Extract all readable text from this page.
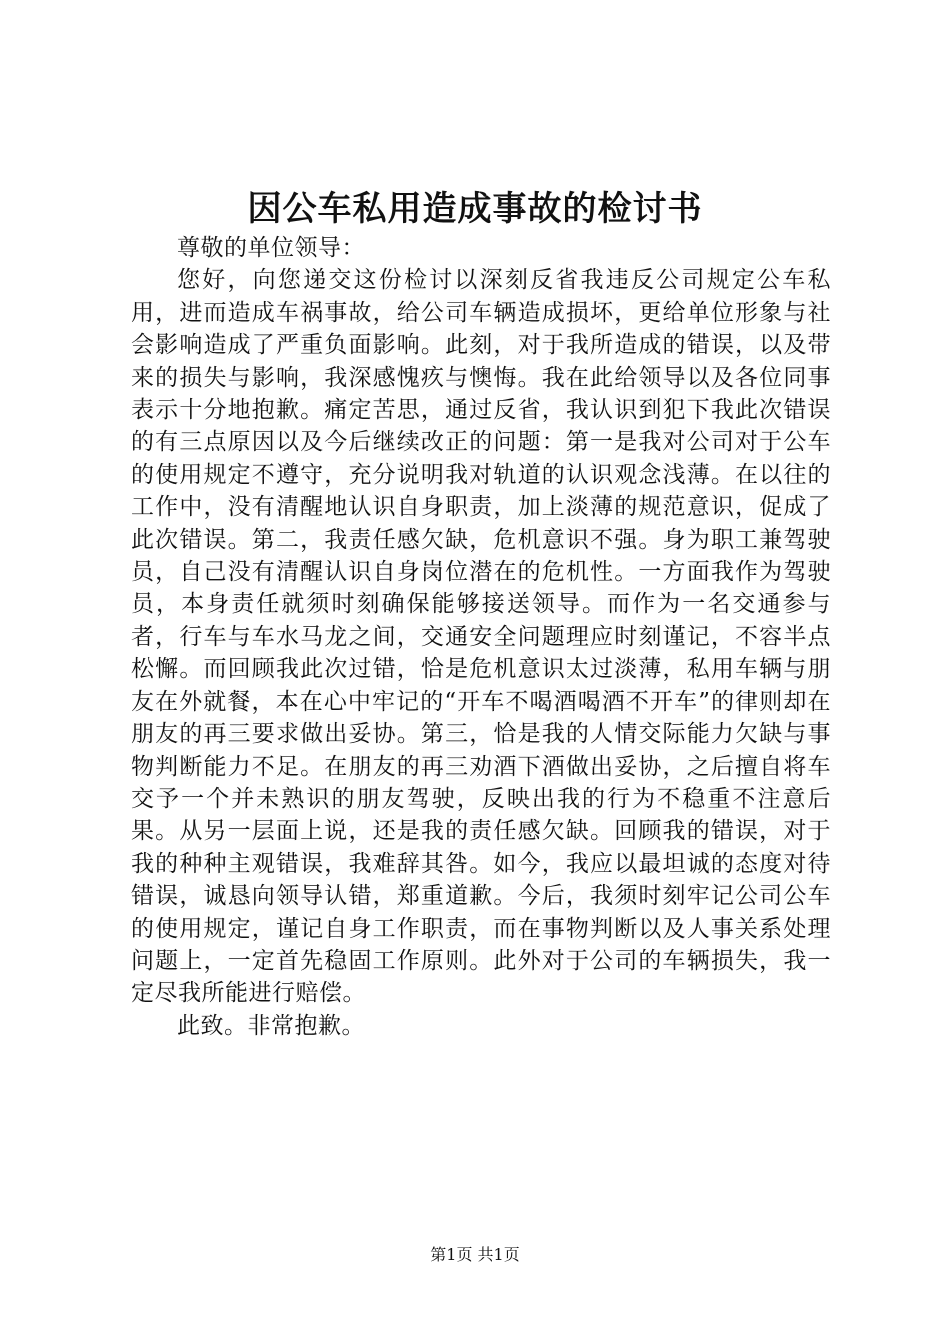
因公车私用造成事故的检讨书

尊敬的单位领导：

您好，向您递交这份检讨以深刻反省我违反公司规定公车私用，进而造成车祸事故，给公司车辆造成损坏，更给单位形象与社会影响造成了严重负面影响。此刻，对于我所造成的错误，以及带来的损失与影响，我深感愧疚与懊悔。我在此给领导以及各位同事表示十分地抱歉。痛定苦思，通过反省，我认识到犯下我此次错误的有三点原因以及今后继续改正的问题：第一是我对公司对于公车的使用规定不遵守，充分说明我对轨道的认识观念浅薄。在以往的工作中，没有清醒地认识自身职责，加上淡薄的规范意识，促成了此次错误。第二，我责任感欠缺，危机意识不强。身为职工兼驾驶员，自己没有清醒认识自身岗位潜在的危机性。一方面我作为驾驶员，本身责任就须时刻确保能够接送领导。而作为一名交通参与者，行车与车水马龙之间，交通安全问题理应时刻谨记，不容半点松懈。而回顾我此次过错，恰是危机意识太过淡薄，私用车辆与朋友在外就餐，本在心中牢记的“开车不喝酒喝酒不开车”的律则却在朋友的再三要求做出妥协。第三，恰是我的人情交际能力欠缺与事物判断能力不足。在朋友的再三劝酒下酒做出妥协，之后擅自将车交予一个并未熟识的朋友驾驶，反映出我的行为不稳重不注意后果。从另一层面上说，还是我的责任感欠缺。回顾我的错误，对于我的种种主观错误，我难辞其咎。如今，我应以最坦诚的态度对待错误，诚恳向领导认错，郑重道歉。今后，我须时刻牢记公司公车的使用规定，谨记自身工作职责，而在事物判断以及人事关系处理问题上，一定首先稳固工作原则。此外对于公司的车辆损失，我一定尽我所能进行赔偿。

此致。非常抱歉。

第1页 共1页
